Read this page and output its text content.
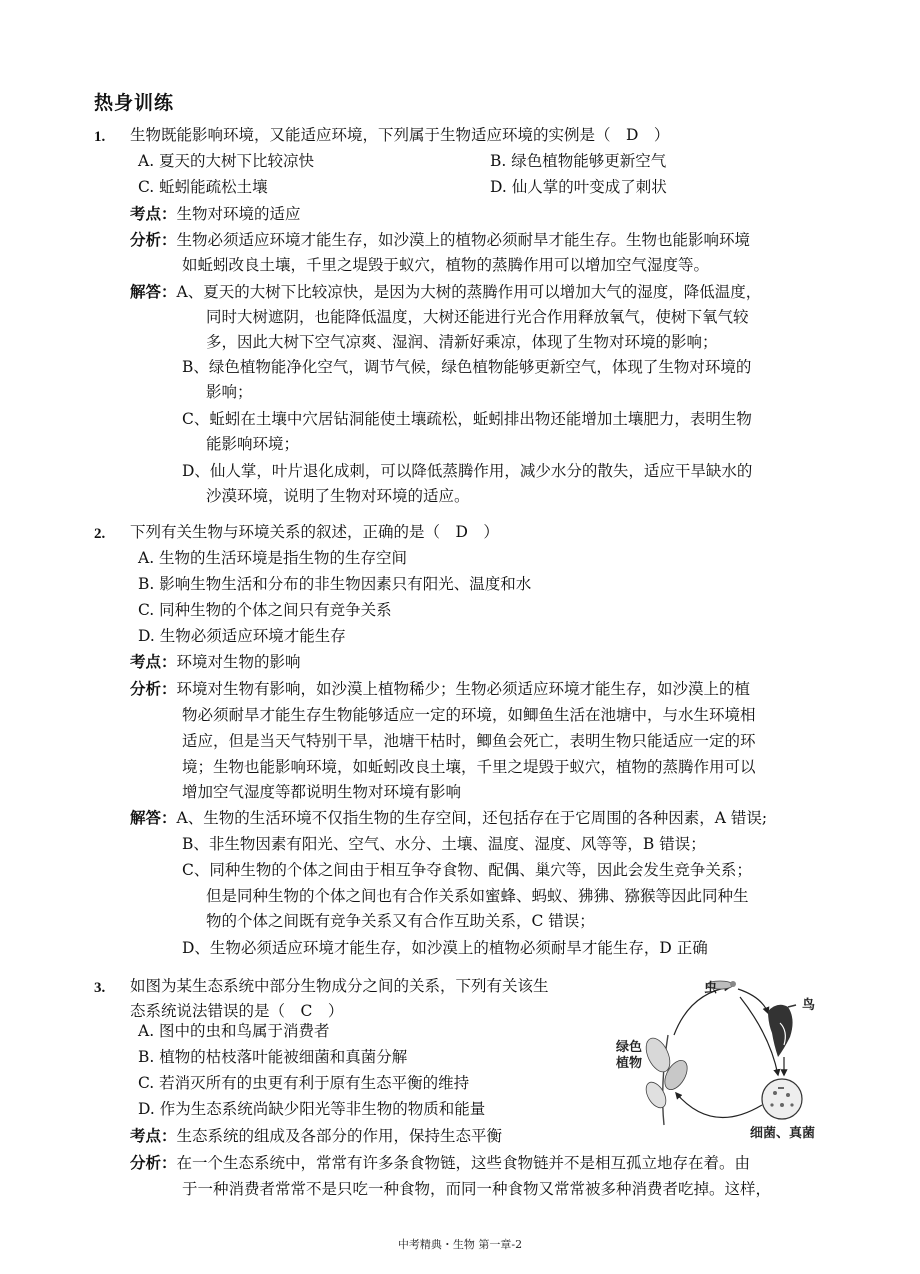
热身训练
1. 生物既能影响环境，又能适应环境，下列属于生物适应环境的实例是（　D　）
A. 夏天的大树下比较凉快	B. 绿色植物能够更新空气
C. 蚯蚓能疏松土壤	D. 仙人掌的叶变成了刺状
考点：生物对环境的适应
分析：生物必须适应环境才能生存，如沙漠上的植物必须耐旱才能生存。生物也能影响环境
如蚯蚓改良土壤，千里之堤毁于蚁穴，植物的蒸腾作用可以增加空气湿度等。
解答：A、夏天的大树下比较凉快，是因为大树的蒸腾作用可以增加大气的湿度，降低温度，
同时大树遮阴，也能降低温度，大树还能进行光合作用释放氧气，使树下氧气较
多，因此大树下空气凉爽、湿润、清新好乘凉，体现了生物对环境的影响；
B、绿色植物能净化空气，调节气候，绿色植物能够更新空气，体现了生物对环境的
影响；
C、蚯蚓在土壤中穴居钻洞能使土壤疏松，蚯蚓排出物还能增加土壤肥力，表明生物
能影响环境；
D、仙人掌，叶片退化成刺，可以降低蒸腾作用，减少水分的散失，适应干旱缺水的
沙漠环境，说明了生物对环境的适应。
2. 下列有关生物与环境关系的叙述，正确的是（　D　）
A. 生物的生活环境是指生物的生存空间
B. 影响生物生活和分布的非生物因素只有阳光、温度和水
C. 同种生物的个体之间只有竞争关系
D. 生物必须适应环境才能生存
考点：环境对生物的影响
分析：环境对生物有影响，如沙漠上植物稀少；生物必须适应环境才能生存，如沙漠上的植
物必须耐旱才能生存生物能够适应一定的环境，如鲫鱼生活在池塘中，与水生环境相
适应，但是当天气特别干旱，池塘干枯时，鲫鱼会死亡，表明生物只能适应一定的环
境；生物也能影响环境，如蚯蚓改良土壤，千里之堤毁于蚁穴，植物的蒸腾作用可以
增加空气湿度等都说明生物对环境有影响
解答：A、生物的生活环境不仅指生物的生存空间，还包括存在于它周围的各种因素，A 错误;
B、非生物因素有阳光、空气、水分、土壤、温度、湿度、风等等，B 错误；
C、同种生物的个体之间由于相互争夺食物、配偶、巢穴等，因此会发生竞争关系；
但是同种生物的个体之间也有合作关系如蜜蜂、蚂蚁、狒狒、猕猴等因此同种生
物的个体之间既有竞争关系又有合作互助关系，C 错误；
D、生物必须适应环境才能生存，如沙漠上的植物必须耐旱才能生存，D 正确
3. 如图为某生态系统中部分生物成分之间的关系，下列有关该生
态系统说法错误的是（　C　）
A. 图中的虫和鸟属于消费者
B. 植物的枯枝落叶能被细菌和真菌分解
C. 若消灭所有的虫更有利于原有生态平衡的维持
D. 作为生态系统尚缺少阳光等非生物的物质和能量
考点：生态系统的组成及各部分的作用，保持生态平衡
分析：在一个生态系统中，常常有许多条食物链，这些食物链并不是相互孤立地存在着。由
于一种消费者常常不是只吃一种食物，而同一种食物又常常被多种消费者吃掉。这样，
虫
鸟
绿色
植物
细菌、真菌
中考精典・生物 第一章-2
